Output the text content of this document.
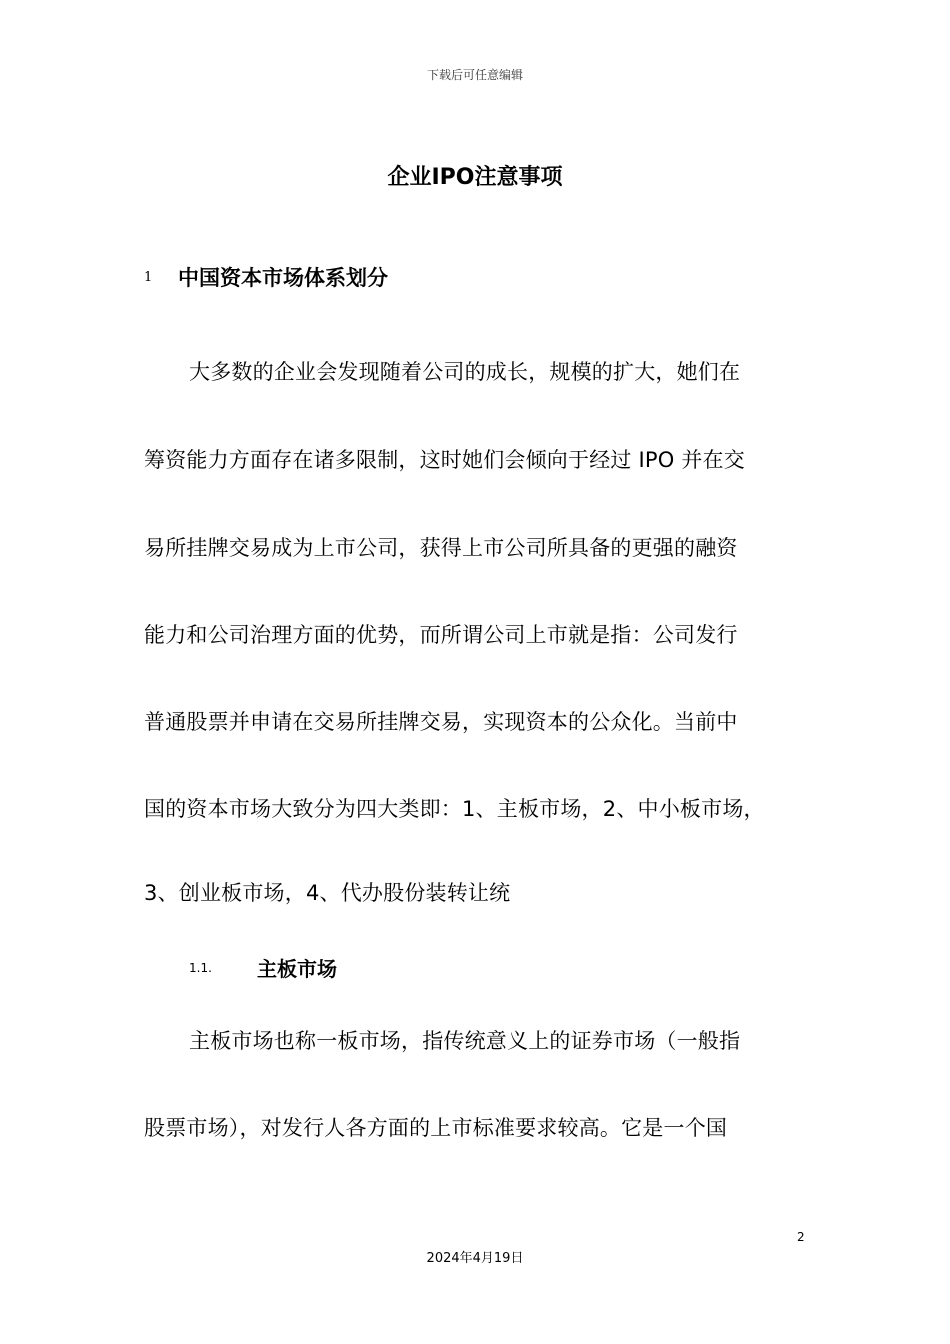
下载后可任意编辑
企业IPO注意事项
1	中国资本市场体系划分
大多数的企业会发现随着公司的成长，规模的扩大，她们在
筹资能力方面存在诸多限制，这时她们会倾向于经过 IPO 并在交
易所挂牌交易成为上市公司，获得上市公司所具备的更强的融资
能力和公司治理方面的优势，而所谓公司上市就是指：公司发行
普通股票并申请在交易所挂牌交易，实现资本的公众化。当前中
国的资本市场大致分为四大类即：1、主板市场，2、中小板市场，
3、创业板市场，4、代办股份装转让统
1.1.	主板市场
主板市场也称一板市场，指传统意义上的证券市场（一般指
股票市场），对发行人各方面的上市标准要求较高。它是一个国
2
2024年4月19日
